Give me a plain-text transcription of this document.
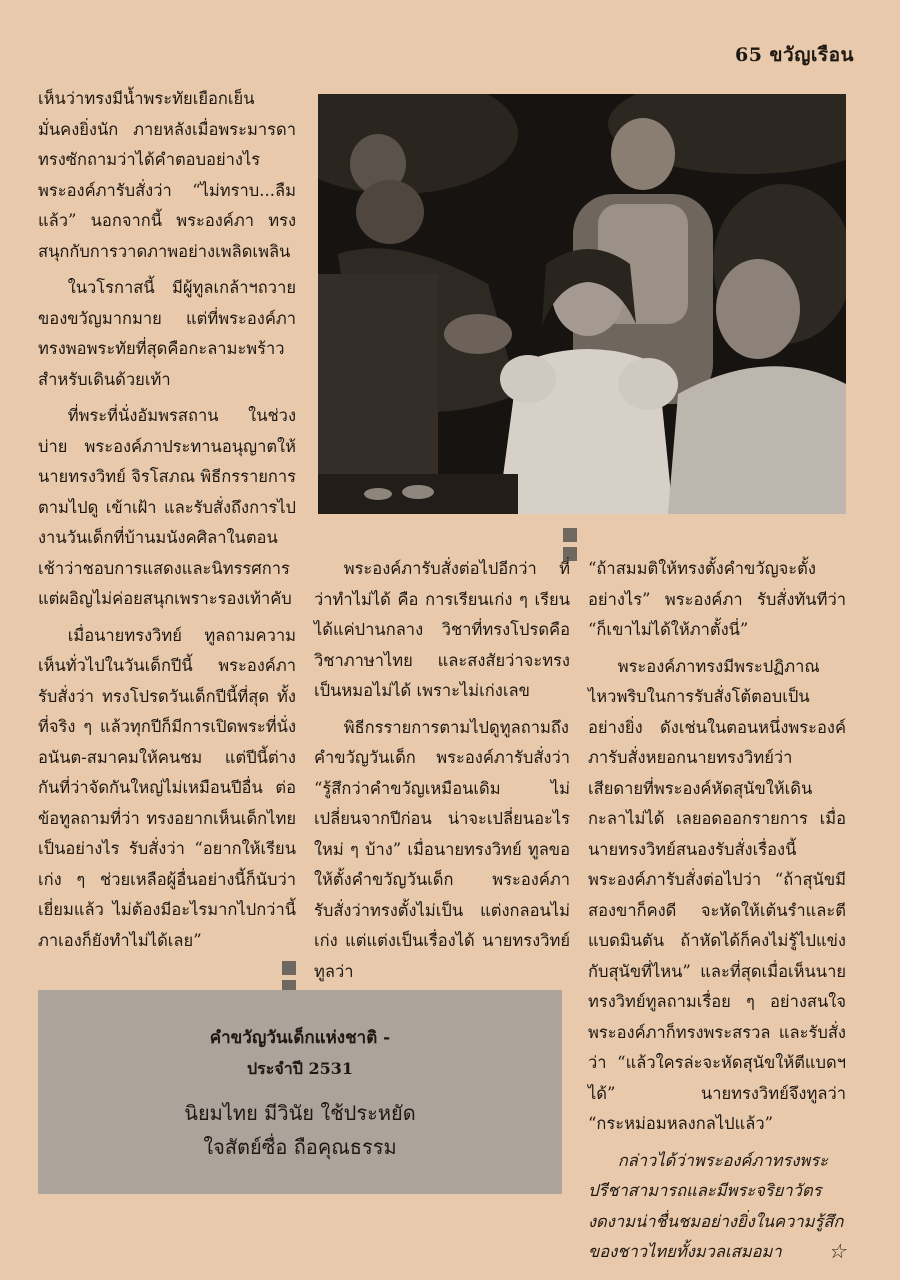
65 ขวัญเรือน

เห็นว่าทรงมีน้ำพระทัยเยือกเย็น มั่นคงยิ่งนัก ภายหลังเมื่อพระมารดาทรงซักถามว่าได้คำตอบอย่างไร พระองค์ภารับสั่งว่า “ไม่ทราบ...ลืมแล้ว” นอกจากนี้ พระองค์ภา ทรงสนุกกับการวาดภาพอย่างเพลิดเพลิน

ในวโรกาสนี้ มีผู้ทูลเกล้าฯถวายของขวัญมากมาย แต่ที่พระองค์ภาทรงพอพระทัยที่สุดคือกะลามะพร้าวสำหรับเดินด้วยเท้า

ที่พระที่นั่งอัมพรสถาน ในช่วงบ่าย พระองค์ภาประทานอนุญาตให้นายทรงวิทย์ จิรโสภณ พิธีกรรายการตามไปดู เข้าเฝ้า และรับสั่งถึงการไปงานวันเด็กที่บ้านมนังคศิลาในตอนเช้าว่าชอบการแสดงและนิทรรศการ แต่ผอิญไม่ค่อยสนุกเพราะรองเท้าคับ

เมื่อนายทรงวิทย์ ทูลถามความเห็นทั่วไปในวันเด็กปีนี้ พระองค์ภารับสั่งว่า ทรงโปรดวันเด็กปีนี้ที่สุด ทั้งที่จริง ๆ แล้วทุกปีก็มีการเปิดพระที่นั่งอนันต-สมาคมให้คนชม แต่ปีนี้ต่างกันที่ว่าจัดกันใหญ่ไม่เหมือนปีอื่น ต่อข้อทูลถามที่ว่า ทรงอยากเห็นเด็กไทยเป็นอย่างไร รับสั่งว่า “อยากให้เรียนเก่ง ๆ ช่วยเหลือผู้อื่นอย่างนี้ก็นับว่าเยี่ยมแล้ว ไม่ต้องมีอะไรมากไปกว่านี้ ภาเองก็ยังทำไม่ได้เลย”

พระองค์ภารับสั่งต่อไปอีกว่า ที่ว่าทำไม่ได้ คือ การเรียนเก่ง ๆ เรียนได้แค่ปานกลาง วิชาที่ทรงโปรดคือ วิชาภาษาไทย และสงสัยว่าจะทรงเป็นหมอไม่ได้ เพราะไม่เก่งเลข

พิธีกรรายการตามไปดูทูลถามถึงคำขวัญวันเด็ก พระองค์ภารับสั่งว่า “รู้สึกว่าคำขวัญเหมือนเดิม ไม่เปลี่ยนจากปีก่อน น่าจะเปลี่ยนอะไรใหม่ ๆ บ้าง” เมื่อนายทรงวิทย์ ทูลขอให้ตั้งคำขวัญวันเด็ก พระองค์ภารับสั่งว่าทรงตั้งไม่เป็น แต่งกลอนไม่เก่ง แต่แต่งเป็นเรื่องได้ นายทรงวิทย์ทูลว่า

“ถ้าสมมติให้ทรงตั้งคำขวัญจะตั้งอย่างไร” พระองค์ภา รับสั่งทันทีว่า “ก็เขาไม่ได้ให้ภาตั้งนี่”

พระองค์ภาทรงมีพระปฏิภาณไหวพริบในการรับสั่งโต้ตอบเป็นอย่างยิ่ง ดังเช่นในตอนหนึ่งพระองค์ภารับสั่งหยอกนายทรงวิทย์ว่า เสียดายที่พระองค์หัดสุนัขให้เดินกะลาไม่ได้ เลยอดออกรายการ เมื่อนายทรงวิทย์สนองรับสั่งเรื่องนี้ พระองค์ภารับสั่งต่อไปว่า “ถ้าสุนัขมีสองขาก็คงดี จะหัดให้เต้นรำและตีแบดมินตัน ถ้าหัดได้ก็คงไม่รู้ไปแข่งกับสุนัขที่ไหน” และที่สุดเมื่อเห็นนายทรงวิทย์ทูลถามเรื่อย ๆ อย่างสนใจ พระองค์ภาก็ทรงพระสรวล และรับสั่งว่า “แล้วใครล่ะจะหัดสุนัขให้ตีแบดฯได้” นายทรงวิทย์จึงทูลว่า “กระหม่อมหลงกลไปแล้ว”

กล่าวได้ว่าพระองค์ภาทรงพระปรีชาสามารถและมีพระจริยาวัตรงดงามน่าชื่นชมอย่างยิ่งในความรู้สึกของชาวไทยทั้งมวลเสมอมา	☆

คำขวัญวันเด็กแห่งชาติ -
ประจำปี 2531
นิยมไทย มีวินัย ใช้ประหยัด
ใจสัตย์ซื่อ ถือคุณธรรม
